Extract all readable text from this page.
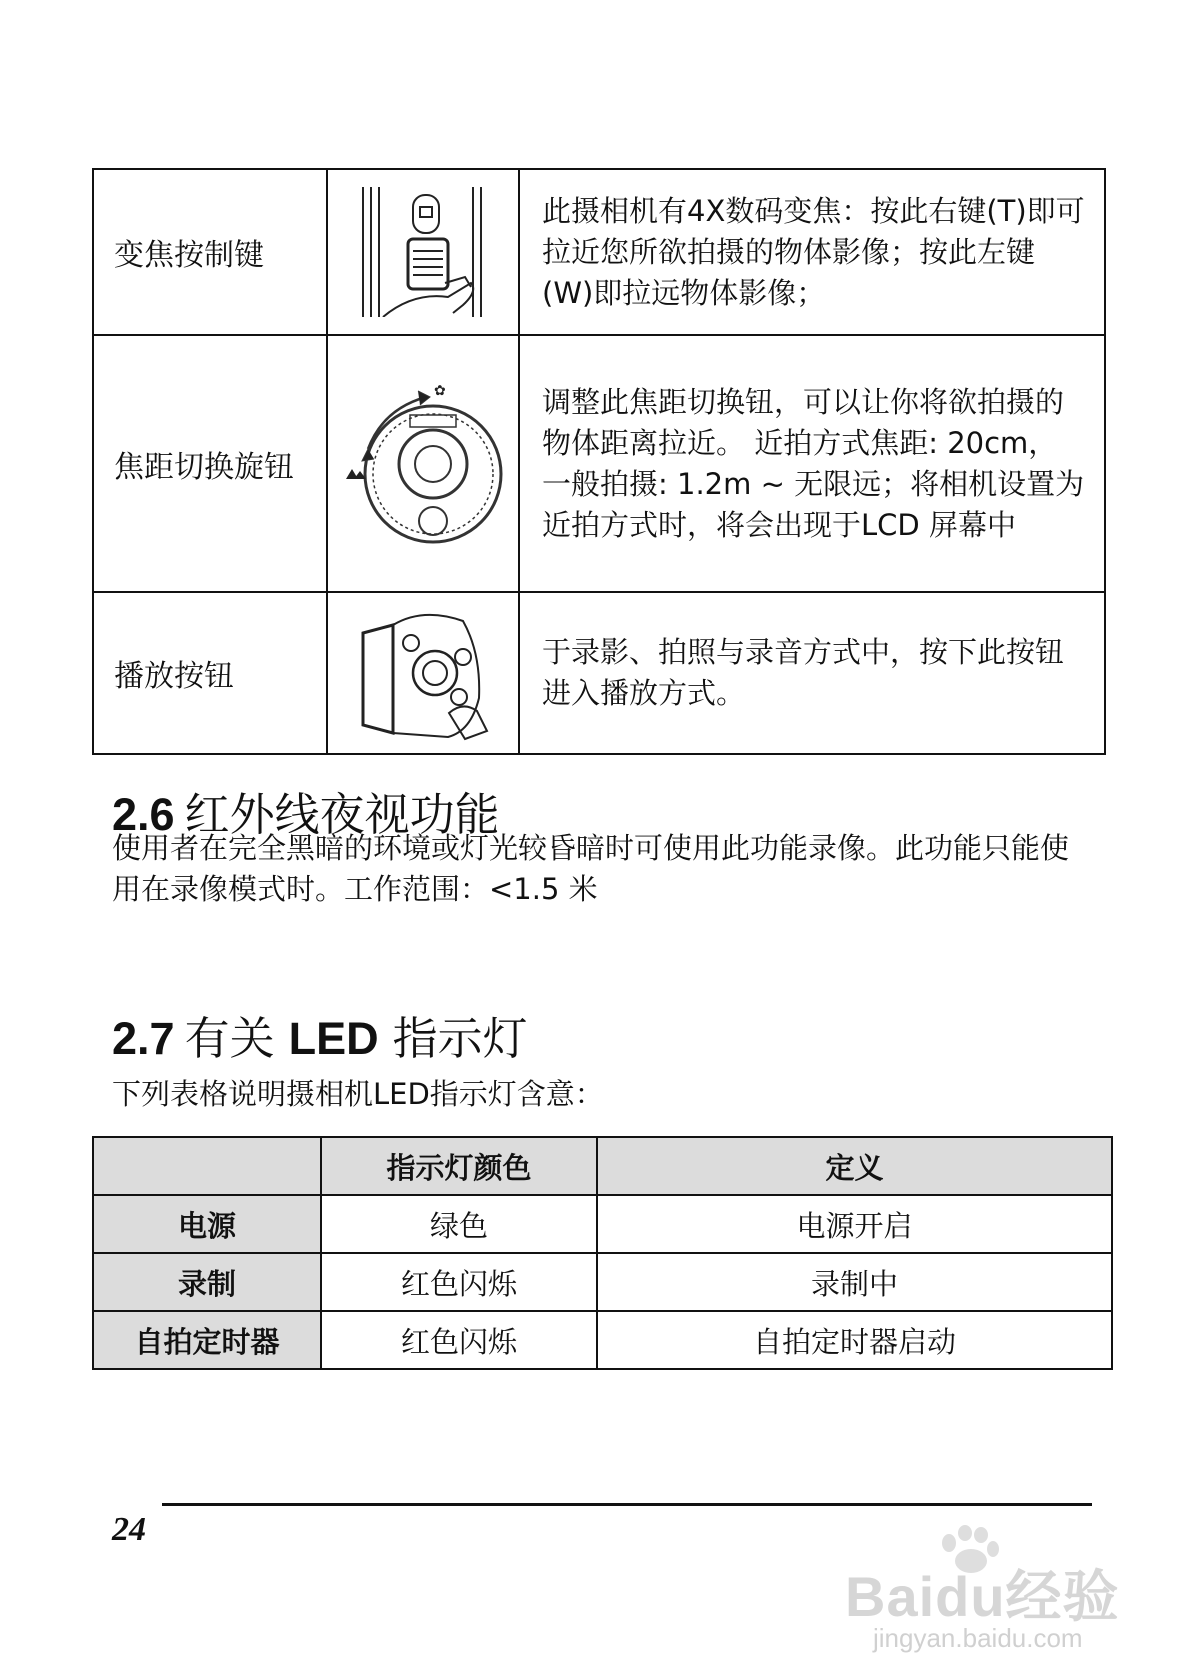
变焦按制键		此摄相机有4X数码变焦：按此右键(T)即可拉近您所欲拍摄的物体影像；按此左键(W)即拉远物体影像；
焦距切换旋钮	✿	调整此焦距切换钮，可以让你将欲拍摄的物体距离拉近。 近拍方式焦距: 20cm，一般拍摄: 1.2m ~ 无限远；将相机设置为近拍方式时，将会出现于LCD 屏幕中
播放按钮		于录影、拍照与录音方式中，按下此按钮进入播放方式。
2.6 红外线夜视功能
使用者在完全黑暗的环境或灯光较昏暗时可使用此功能录像。此功能只能使用在录像模式时。工作范围：<1.5 米
2.7 有关 LED 指示灯
下列表格说明摄相机LED指示灯含意：
	指示灯颜色	定义
电源	绿色	电源开启
录制	红色闪烁	录制中
自拍定时器	红色闪烁	自拍定时器启动
24
Baidu经验
jingyan.baidu.com
